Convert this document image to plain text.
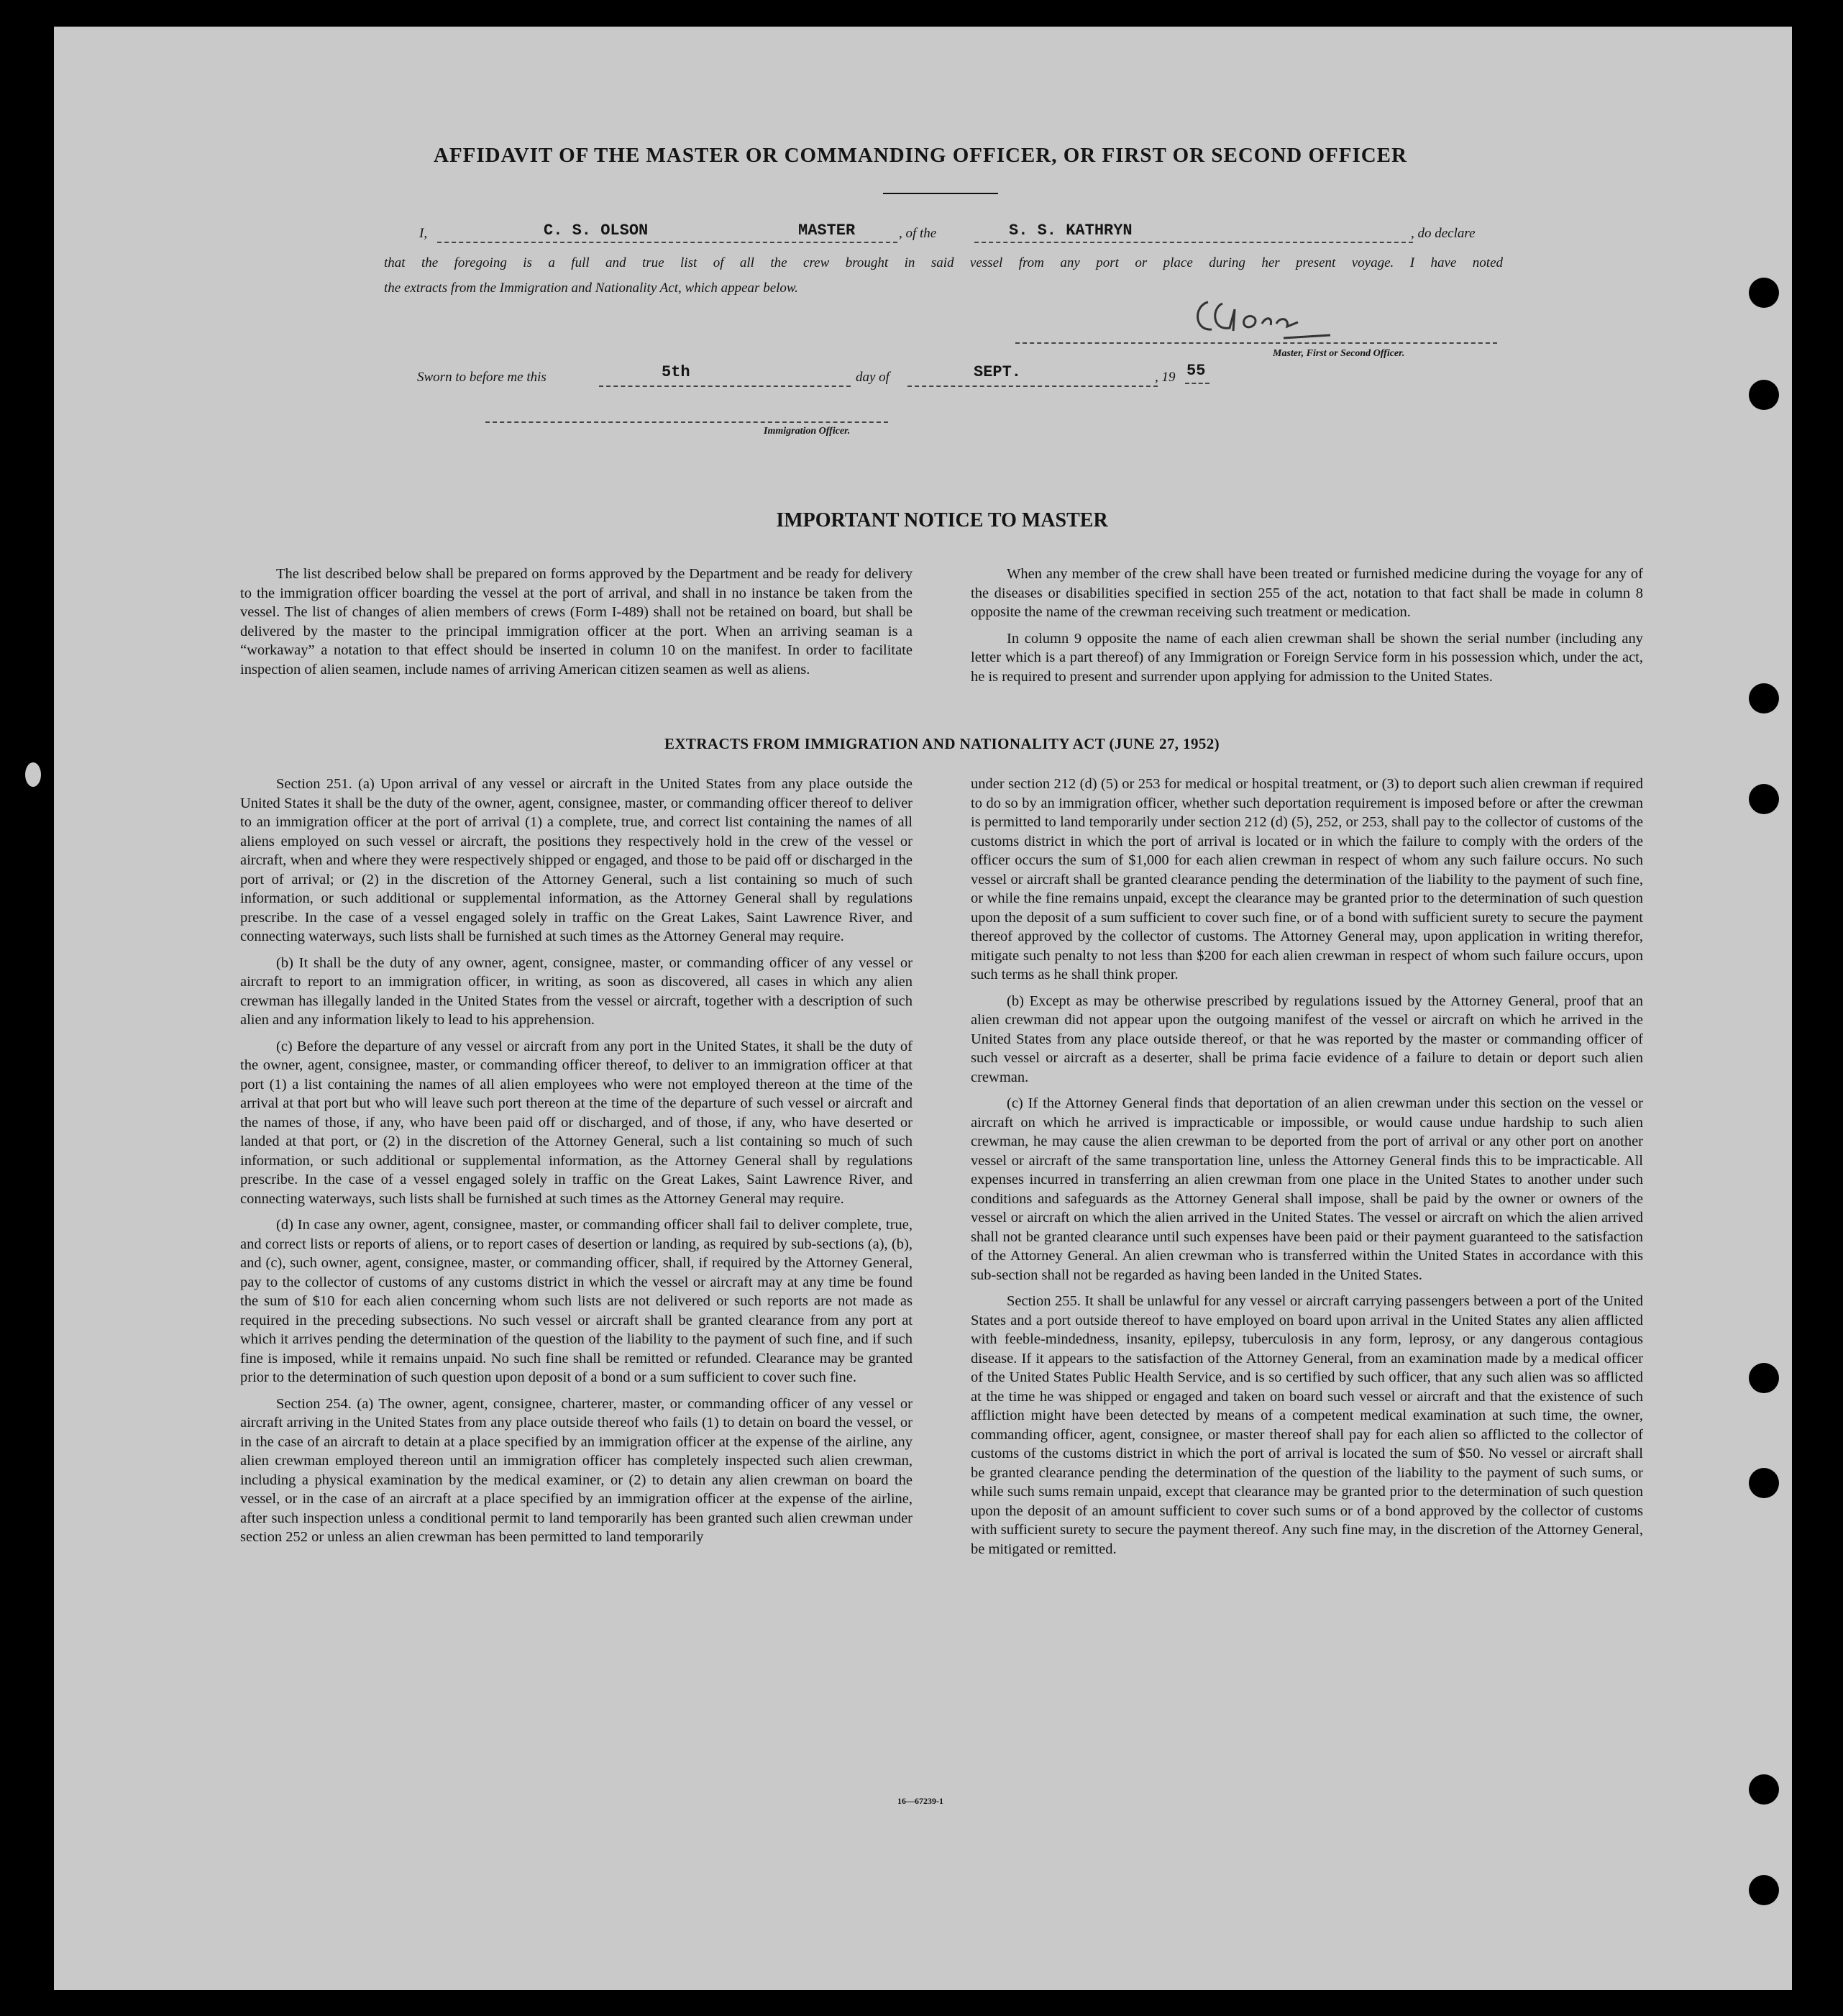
AFFIDAVIT OF THE MASTER OR COMMANDING OFFICER, OR FIRST OR SECOND OFFICER
I,	C. S. OLSON	MASTER	, of the	S. S. KATHRYN	, do declare
that the foregoing is a full and true list of all the crew brought in said vessel from any port or place during her present voyage. I have noted
the extracts from the Immigration and Nationality Act, which appear below.
Master, First or Second Officer.
Sworn to before me this	5th	day of	SEPT.	, 19 55
Immigration Officer.
IMPORTANT NOTICE TO MASTER

The list described below shall be prepared on forms approved by the Department and be ready for delivery to the immigration officer boarding the vessel at the port of arrival, and shall in no instance be taken from the vessel. The list of changes of alien members of crews (Form I-489) shall not be retained on board, but shall be delivered by the master to the principal immigration officer at the port. When an arriving seaman is a “workaway” a notation to that effect should be inserted in column 10 on the manifest. In order to facilitate inspection of alien seamen, include names of arriving American citizen seamen as well as aliens.

When any member of the crew shall have been treated or furnished medicine during the voyage for any of the diseases or disabilities specified in section 255 of the act, notation to that fact shall be made in column 8 opposite the name of the crewman receiving such treatment or medication.

In column 9 opposite the name of each alien crewman shall be shown the serial number (including any letter which is a part thereof) of any Immigration or Foreign Service form in his possession which, under the act, he is required to present and surrender upon applying for admission to the United States.

EXTRACTS FROM IMMIGRATION AND NATIONALITY ACT (JUNE 27, 1952)

Section 251. (a) Upon arrival of any vessel or aircraft in the United States from any place outside the United States it shall be the duty of the owner, agent, consignee, master, or commanding officer thereof to deliver to an immigration officer at the port of arrival (1) a complete, true, and correct list containing the names of all aliens employed on such vessel or aircraft, the positions they respectively hold in the crew of the vessel or aircraft, when and where they were respectively shipped or engaged, and those to be paid off or discharged in the port of arrival; or (2) in the discretion of the Attorney General, such a list containing so much of such information, or such additional or supplemental information, as the Attorney General shall by regulations prescribe. In the case of a vessel engaged solely in traffic on the Great Lakes, Saint Lawrence River, and connecting waterways, such lists shall be furnished at such times as the Attorney General may require.

(b) It shall be the duty of any owner, agent, consignee, master, or commanding officer of any vessel or aircraft to report to an immigration officer, in writing, as soon as discovered, all cases in which any alien crewman has illegally landed in the United States from the vessel or aircraft, together with a description of such alien and any information likely to lead to his apprehension.

(c) Before the departure of any vessel or aircraft from any port in the United States, it shall be the duty of the owner, agent, consignee, master, or commanding officer thereof, to deliver to an immigration officer at that port (1) a list containing the names of all alien employees who were not employed thereon at the time of the arrival at that port but who will leave such port thereon at the time of the departure of such vessel or aircraft and the names of those, if any, who have been paid off or discharged, and of those, if any, who have deserted or landed at that port, or (2) in the discretion of the Attorney General, such a list containing so much of such information, or such additional or supplemental information, as the Attorney General shall by regulations prescribe. In the case of a vessel engaged solely in traffic on the Great Lakes, Saint Lawrence River, and connecting waterways, such lists shall be furnished at such times as the Attorney General may require.

(d) In case any owner, agent, consignee, master, or commanding officer shall fail to deliver complete, true, and correct lists or reports of aliens, or to report cases of desertion or landing, as required by sub-sections (a), (b), and (c), such owner, agent, consignee, master, or commanding officer, shall, if required by the Attorney General, pay to the collector of customs of any customs district in which the vessel or aircraft may at any time be found the sum of $10 for each alien concerning whom such lists are not delivered or such reports are not made as required in the preceding subsections. No such vessel or aircraft shall be granted clearance from any port at which it arrives pending the determination of the question of the liability to the payment of such fine, and if such fine is imposed, while it remains unpaid. No such fine shall be remitted or refunded. Clearance may be granted prior to the determination of such question upon deposit of a bond or a sum sufficient to cover such fine.

Section 254. (a) The owner, agent, consignee, charterer, master, or commanding officer of any vessel or aircraft arriving in the United States from any place outside thereof who fails (1) to detain on board the vessel, or in the case of an aircraft to detain at a place specified by an immigration officer at the expense of the airline, any alien crewman employed thereon until an immigration officer has completely inspected such alien crewman, including a physical examination by the medical examiner, or (2) to detain any alien crewman on board the vessel, or in the case of an aircraft at a place specified by an immigration officer at the expense of the airline, after such inspection unless a conditional permit to land temporarily has been granted such alien crewman under section 252 or unless an alien crewman has been permitted to land temporarily

under section 212 (d) (5) or 253 for medical or hospital treatment, or (3) to deport such alien crewman if required to do so by an immigration officer, whether such deportation requirement is imposed before or after the crewman is permitted to land temporarily under section 212 (d) (5), 252, or 253, shall pay to the collector of customs of the customs district in which the port of arrival is located or in which the failure to comply with the orders of the officer occurs the sum of $1,000 for each alien crewman in respect of whom any such failure occurs. No such vessel or aircraft shall be granted clearance pending the determination of the liability to the payment of such fine, or while the fine remains unpaid, except the clearance may be granted prior to the determination of such question upon the deposit of a sum sufficient to cover such fine, or of a bond with sufficient surety to secure the payment thereof approved by the collector of customs. The Attorney General may, upon application in writing therefor, mitigate such penalty to not less than $200 for each alien crewman in respect of whom such failure occurs, upon such terms as he shall think proper.

(b) Except as may be otherwise prescribed by regulations issued by the Attorney General, proof that an alien crewman did not appear upon the outgoing manifest of the vessel or aircraft on which he arrived in the United States from any place outside thereof, or that he was reported by the master or commanding officer of such vessel or aircraft as a deserter, shall be prima facie evidence of a failure to detain or deport such alien crewman.

(c) If the Attorney General finds that deportation of an alien crewman under this section on the vessel or aircraft on which he arrived is impracticable or impossible, or would cause undue hardship to such alien crewman, he may cause the alien crewman to be deported from the port of arrival or any other port on another vessel or aircraft of the same transportation line, unless the Attorney General finds this to be impracticable. All expenses incurred in transferring an alien crewman from one place in the United States to another under such conditions and safeguards as the Attorney General shall impose, shall be paid by the owner or owners of the vessel or aircraft on which the alien arrived in the United States. The vessel or aircraft on which the alien arrived shall not be granted clearance until such expenses have been paid or their payment guaranteed to the satisfaction of the Attorney General. An alien crewman who is transferred within the United States in accordance with this sub-section shall not be regarded as having been landed in the United States.

Section 255. It shall be unlawful for any vessel or aircraft carrying passengers between a port of the United States and a port outside thereof to have employed on board upon arrival in the United States any alien afflicted with feeble-mindedness, insanity, epilepsy, tuberculosis in any form, leprosy, or any dangerous contagious disease. If it appears to the satisfaction of the Attorney General, from an examination made by a medical officer of the United States Public Health Service, and is so certified by such officer, that any such alien was so afflicted at the time he was shipped or engaged and taken on board such vessel or aircraft and that the existence of such affliction might have been detected by means of a competent medical examination at such time, the owner, commanding officer, agent, consignee, or master thereof shall pay for each alien so afflicted to the collector of customs of the customs district in which the port of arrival is located the sum of $50. No vessel or aircraft shall be granted clearance pending the determination of the question of the liability to the payment of such sums, or while such sums remain unpaid, except that clearance may be granted prior to the determination of such question upon the deposit of an amount sufficient to cover such sums or of a bond approved by the collector of customs with sufficient surety to secure the payment thereof. Any such fine may, in the discretion of the Attorney General, be mitigated or remitted.

16—67239-1
